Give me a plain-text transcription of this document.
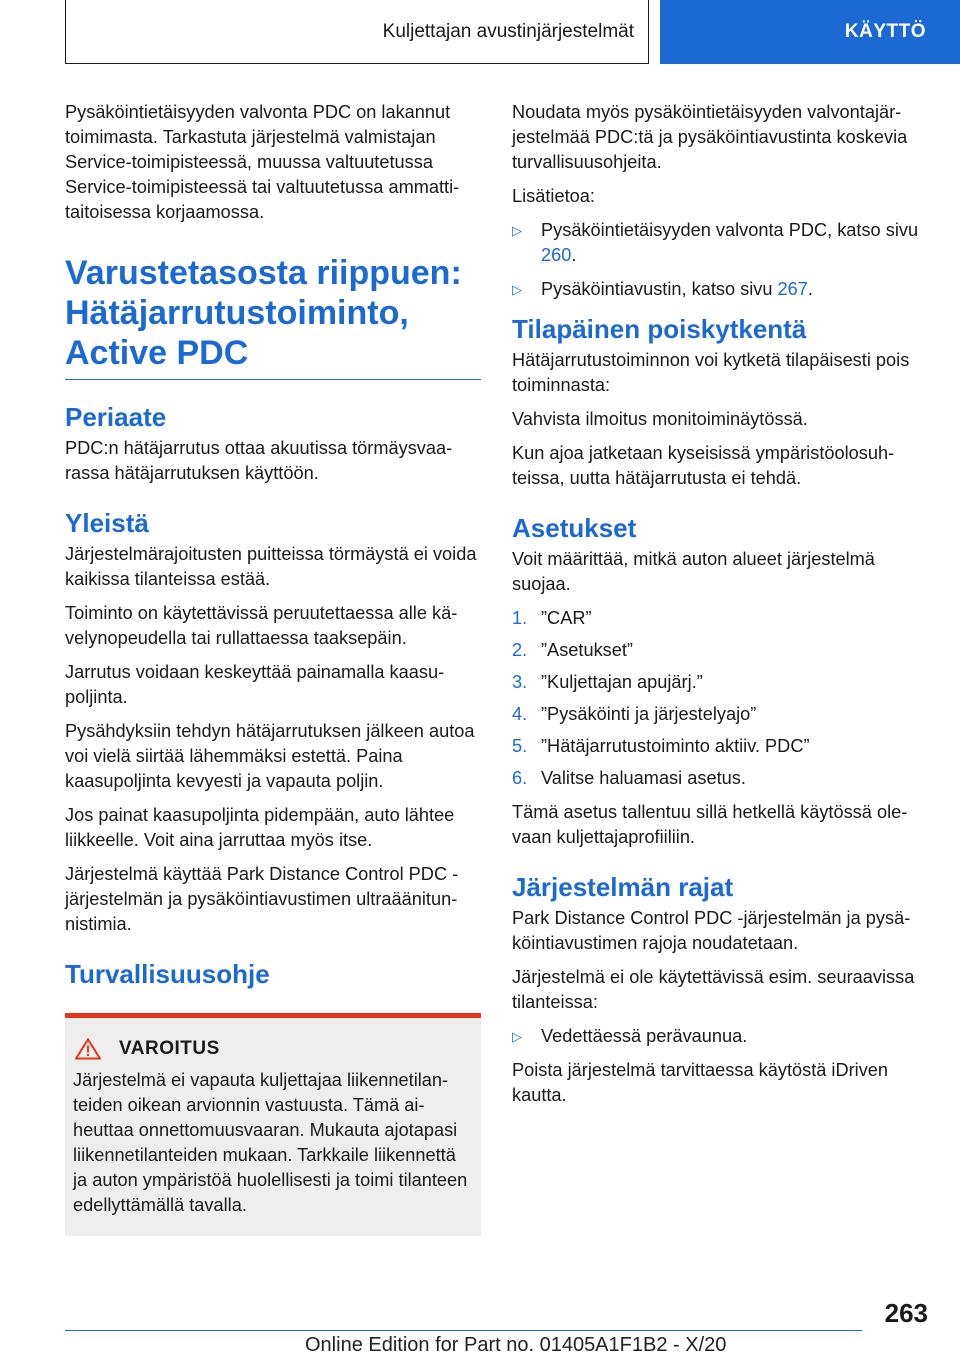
Kuljettajan avustinjärjestelmät	KÄYTTÖ

Pysäköintietäisyyden valvonta PDC on lakannut toimimasta. Tarkastuta järjestelmä valmistajan Service-toimipisteessä, muussa valtuutetussa Service-toimipisteessä tai valtuutetussa ammattitaitoisessa korjaamossa.

Varustetasosta riippuen: Hätäjarrutustoiminto, Active PDC
Periaate

PDC:n hätäjarrutus ottaa akuutissa törmäysvaarassa hätäjarrutuksen käyttöön.

Yleistä

Järjestelmärajoitusten puitteissa törmäystä ei voida kaikissa tilanteissa estää.

Toiminto on käytettävissä peruutettaessa alle kävelynopeudella tai rullattaessa taaksepäin.

Jarrutus voidaan keskeyttää painamalla kaasupoljinta.

Pysähdyksiin tehdyn hätäjarrutuksen jälkeen autoa voi vielä siirtää lähemmäksi estettä. Paina kaasupoljinta kevyesti ja vapauta poljin.

Jos painat kaasupoljinta pidempään, auto lähtee liikkeelle. Voit aina jarruttaa myös itse.

Järjestelmä käyttää Park Distance Control PDC -järjestelmän ja pysäköintiavustimen ultraäänitunnistimia.

Turvallisuusohje
VAROITUS

Järjestelmä ei vapauta kuljettajaa liikennetilanteiden oikean arvionnin vastuusta. Tämä aiheuttaa onnettomuusvaaran. Mukauta ajotapasi liikennetilanteiden mukaan. Tarkkaile liikennettä ja auton ympäristöä huolellisesti ja toimi tilanteen edellyttämällä tavalla.

Noudata myös pysäköintietäisyyden valvontajärjestelmää PDC:tä ja pysäköintiavustinta koskevia turvallisuusohjeita.

Lisätietoa:

▷ Pysäköintietäisyyden valvonta PDC, katso sivu 260.
▷ Pysäköintiavustin, katso sivu 267.
Tilapäinen poiskytkentä

Hätäjarrutustoiminnon voi kytketä tilapäisesti pois toiminnasta:

Vahvista ilmoitus monitoiminäytössä.

Kun ajoa jatketaan kyseisissä ympäristöolosuhteissa, uutta hätäjarrutusta ei tehdä.

Asetukset

Voit määrittää, mitkä auton alueet järjestelmä suojaa.

1. ”CAR”
2. ”Asetukset”
3. ”Kuljettajan apujärj.”
4. ”Pysäköinti ja järjestelyajo”
5. ”Hätäjarrutustoiminto aktiiv. PDC”
6. Valitse haluamasi asetus.

Tämä asetus tallentuu sillä hetkellä käytössä olevaan kuljettajaprofiiliin.

Järjestelmän rajat

Park Distance Control PDC -järjestelmän ja pysäköintiavustimen rajoja noudatetaan.

Järjestelmä ei ole käytettävissä esim. seuraavissa tilanteissa:

▷ Vedettäessä perävaunua.

Poista järjestelmä tarvittaessa käytöstä iDriven kautta.

263
Online Edition for Part no. 01405A1F1B2 - X/20
